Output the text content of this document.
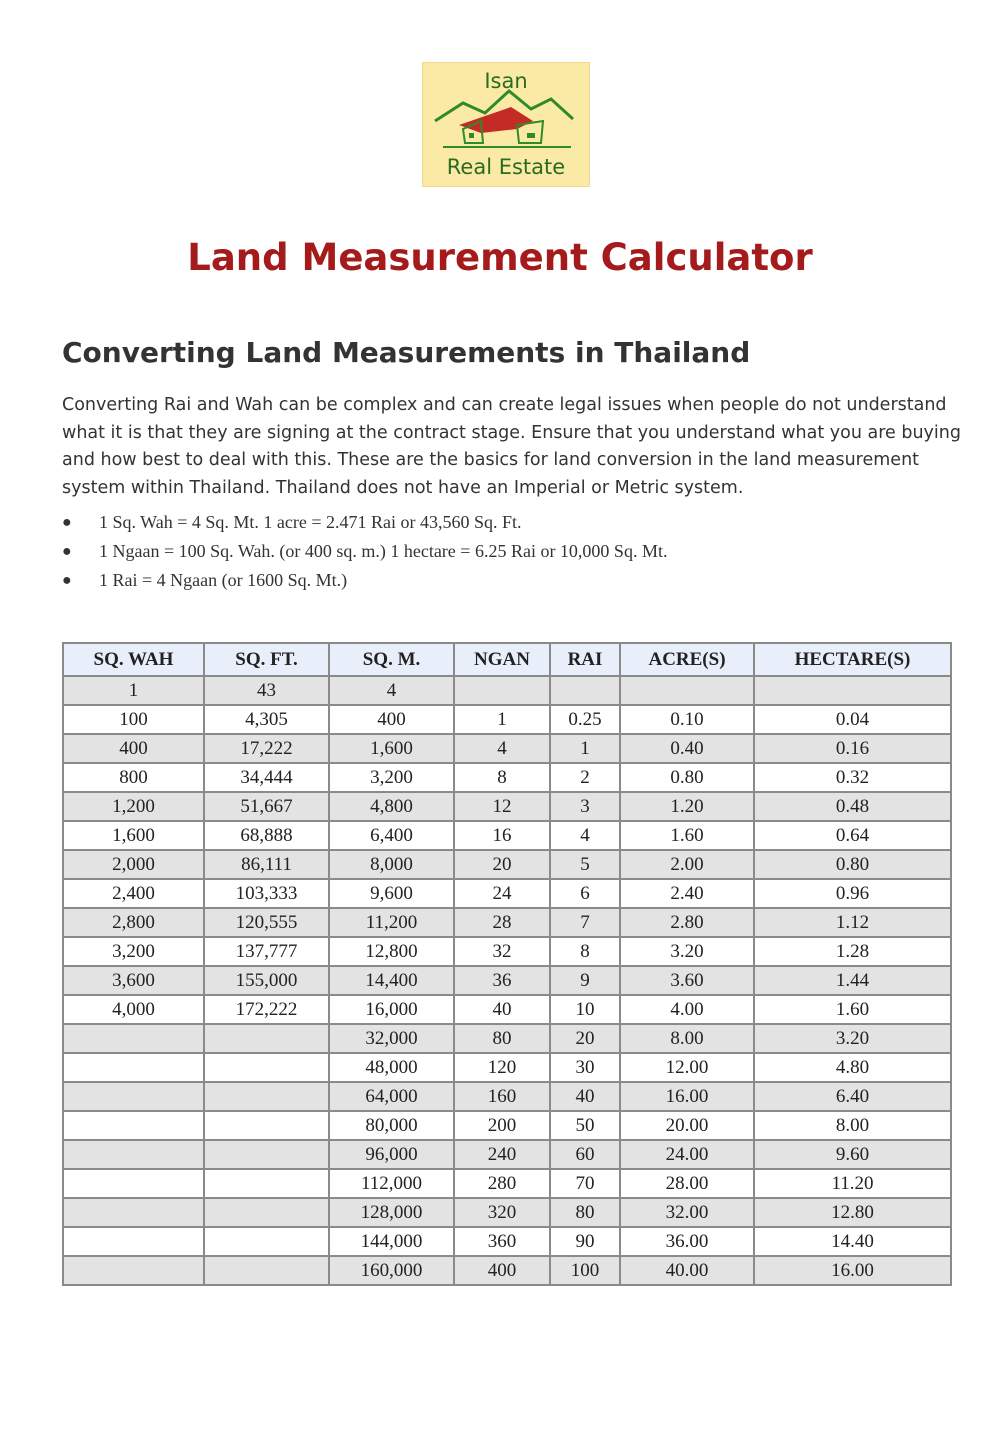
Isan
Real Estate
Land Measurement Calculator
Converting Land Measurements in Thailand

Converting Rai and Wah can be complex and can create legal issues when people do not understand what it is that they are signing at the contract stage. Ensure that you understand what you are buying and how best to deal with this. These are the basics for land conversion in the land measurement system within Thailand. Thailand does not have an Imperial or Metric system.

● 1 Sq. Wah = 4 Sq. Mt. 1 acre = 2.471 Rai or 43,560 Sq. Ft.
● 1 Ngaan = 100 Sq. Wah. (or 400 sq. m.) 1 hectare = 6.25 Rai or 10,000 Sq. Mt.
● 1 Rai = 4 Ngaan (or 1600 Sq. Mt.)
SQ. WAH	SQ. FT.	SQ. M.	NGAN	RAI	ACRE(S)	HECTARE(S)
1	43	4				
100	4,305	400	1	0.25	0.10	0.04
400	17,222	1,600	4	1	0.40	0.16
800	34,444	3,200	8	2	0.80	0.32
1,200	51,667	4,800	12	3	1.20	0.48
1,600	68,888	6,400	16	4	1.60	0.64
2,000	86,111	8,000	20	5	2.00	0.80
2,400	103,333	9,600	24	6	2.40	0.96
2,800	120,555	11,200	28	7	2.80	1.12
3,200	137,777	12,800	32	8	3.20	1.28
3,600	155,000	14,400	36	9	3.60	1.44
4,000	172,222	16,000	40	10	4.00	1.60
		32,000	80	20	8.00	3.20
		48,000	120	30	12.00	4.80
		64,000	160	40	16.00	6.40
		80,000	200	50	20.00	8.00
		96,000	240	60	24.00	9.60
		112,000	280	70	28.00	11.20
		128,000	320	80	32.00	12.80
		144,000	360	90	36.00	14.40
		160,000	400	100	40.00	16.00
